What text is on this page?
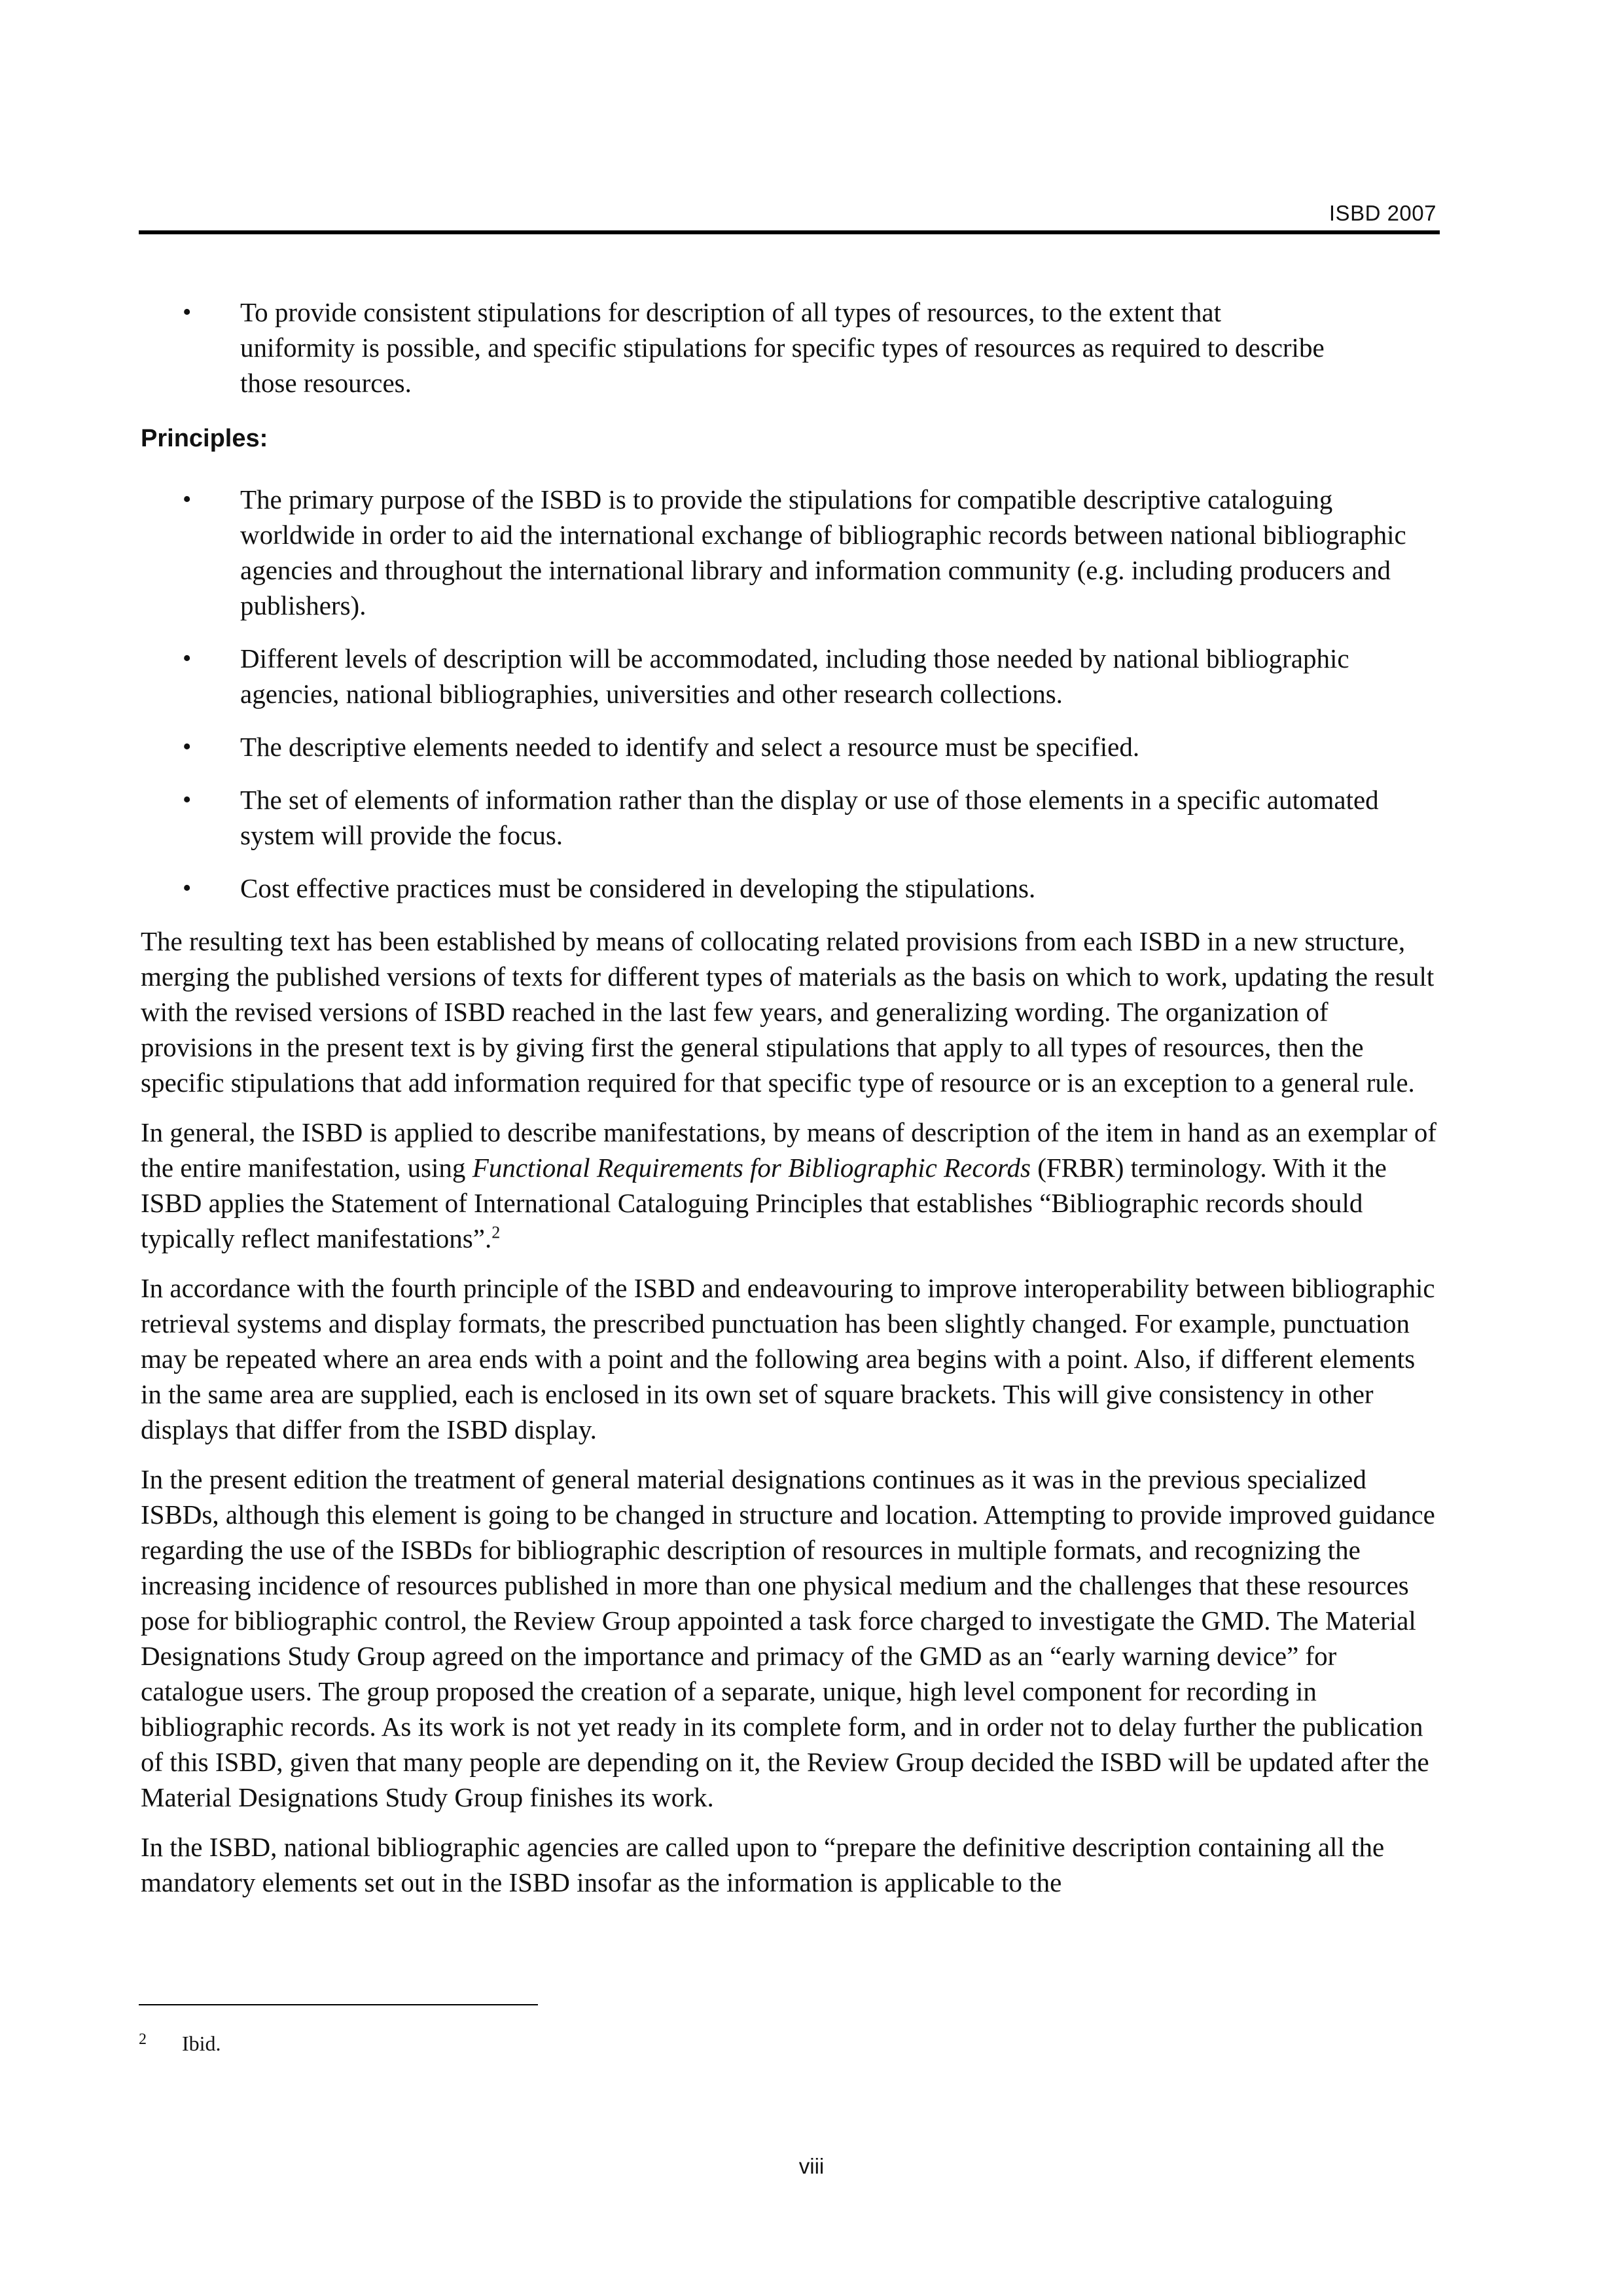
ISBD 2007
• To provide consistent stipulations for description of all types of resources, to the extent that uniformity is possible, and specific stipulations for specific types of resources as required to describe those resources.
Principles:
• The primary purpose of the ISBD is to provide the stipulations for compatible descriptive cataloguing worldwide in order to aid the international exchange of bibliographic records between national bibliographic agencies and throughout the international library and information community (e.g. including producers and publishers).
• Different levels of description will be accommodated, including those needed by national bibliographic agencies, national bibliographies, universities and other research collections.
• The descriptive elements needed to identify and select a resource must be specified.
• The set of elements of information rather than the display or use of those elements in a specific automated system will provide the focus.
• Cost effective practices must be considered in developing the stipulations.

The resulting text has been established by means of collocating related provisions from each ISBD in a new structure, merging the published versions of texts for different types of materials as the basis on which to work, updating the result with the revised versions of ISBD reached in the last few years, and generalizing wording. The organization of provisions in the present text is by giving first the general stipulations that apply to all types of resources, then the specific stipulations that add information required for that specific type of resource or is an exception to a general rule.

In general, the ISBD is applied to describe manifestations, by means of description of the item in hand as an exemplar of the entire manifestation, using Functional Requirements for Bibliographic Records (FRBR) terminology. With it the ISBD applies the Statement of International Cataloguing Principles that establishes “Bibliographic records should typically reflect manifestations”.$^2$

In accordance with the fourth principle of the ISBD and endeavouring to improve interoperability between bibliographic retrieval systems and display formats, the prescribed punctuation has been slightly changed. For example, punctuation may be repeated where an area ends with a point and the following area begins with a point. Also, if different elements in the same area are supplied, each is enclosed in its own set of square brackets. This will give consistency in other displays that differ from the ISBD display.

In the present edition the treatment of general material designations continues as it was in the previous specialized ISBDs, although this element is going to be changed in structure and location. Attempting to provide improved guidance regarding the use of the ISBDs for bibliographic description of resources in multiple formats, and recognizing the increasing incidence of resources published in more than one physical medium and the challenges that these resources pose for bibliographic control, the Review Group appointed a task force charged to investigate the GMD. The Material Designations Study Group agreed on the importance and primacy of the GMD as an “early warning device” for catalogue users. The group proposed the creation of a separate, unique, high level component for recording in bibliographic records. As its work is not yet ready in its complete form, and in order not to delay further the publication of this ISBD, given that many people are depending on it, the Review Group decided the ISBD will be updated after the Material Designations Study Group finishes its work.

In the ISBD, national bibliographic agencies are called upon to “prepare the definitive description containing all the mandatory elements set out in the ISBD insofar as the information is applicable to the

2 Ibid.
viii
